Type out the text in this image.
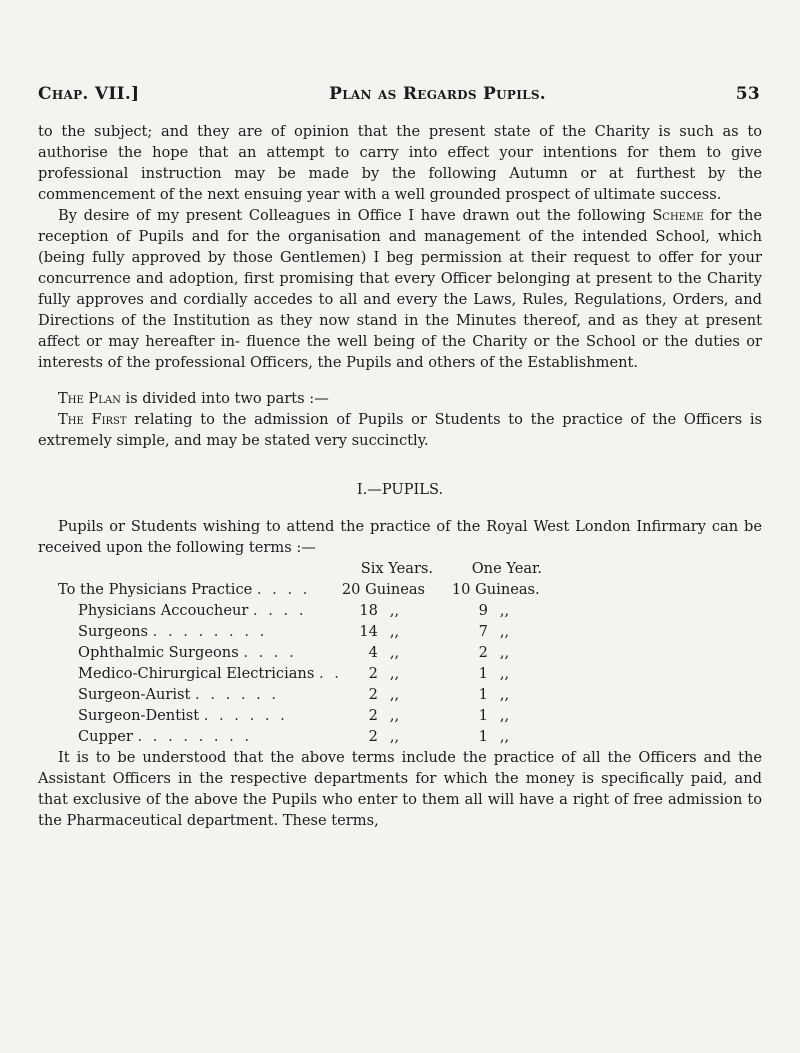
Chap. VII.]	Plan as Regards Pupils.	53

to the subject; and they are of opinion that the present state of the Charity is such as to authorise the hope that an attempt to carry into effect your intentions for them to give professional instruction may be made by the following Autumn or at furthest by the commencement of the next ensuing year with a well grounded prospect of ultimate success.

By desire of my present Colleagues in Office I have drawn out the following Scheme for the reception of Pupils and for the organisation and management of the intended School, which (being fully approved by those Gentlemen) I beg permission at their request to offer for your concurrence and adoption, first promising that every Officer belonging at present to the Charity fully approves and cordially accedes to all and every the Laws, Rules, Regulations, Orders, and Directions of the Institution as they now stand in the Minutes thereof, and as they at present affect or may hereafter in- fluence the well being of the Charity or the School or the duties or interests of the professional Officers, the Pupils and others of the Establishment.

The Plan is divided into two parts :—

The First relating to the admission of Pupils or Students to the practice of the Officers is extremely simple, and may be stated very succinctly.

I.—PUPILS.

Pupils or Students wishing to attend the practice of the Royal West London Infirmary can be received upon the following terms :—

	Six Years.	One Year.
To the Physicians Practice . . . .	20 Guineas	10 Guineas.
Physicians Accoucheur . . . .	18 ,,	9 ,,
Surgeons . . . . . . . .	14 ,,	7 ,,
Ophthalmic Surgeons . . . .	4 ,,	2 ,,
Medico-Chirurgical Electricians . .	2 ,,	1 ,,
Surgeon-Aurist . . . . . .	2 ,,	1 ,,
Surgeon-Dentist . . . . . .	2 ,,	1 ,,
Cupper . . . . . . . .	2 ,,	1 ,,

It is to be understood that the above terms include the practice of all the Officers and the Assistant Officers in the respective departments for which the money is specifically paid, and that exclusive of the above the Pupils who enter to them all will have a right of free admission to the Pharmaceutical department. These terms,
